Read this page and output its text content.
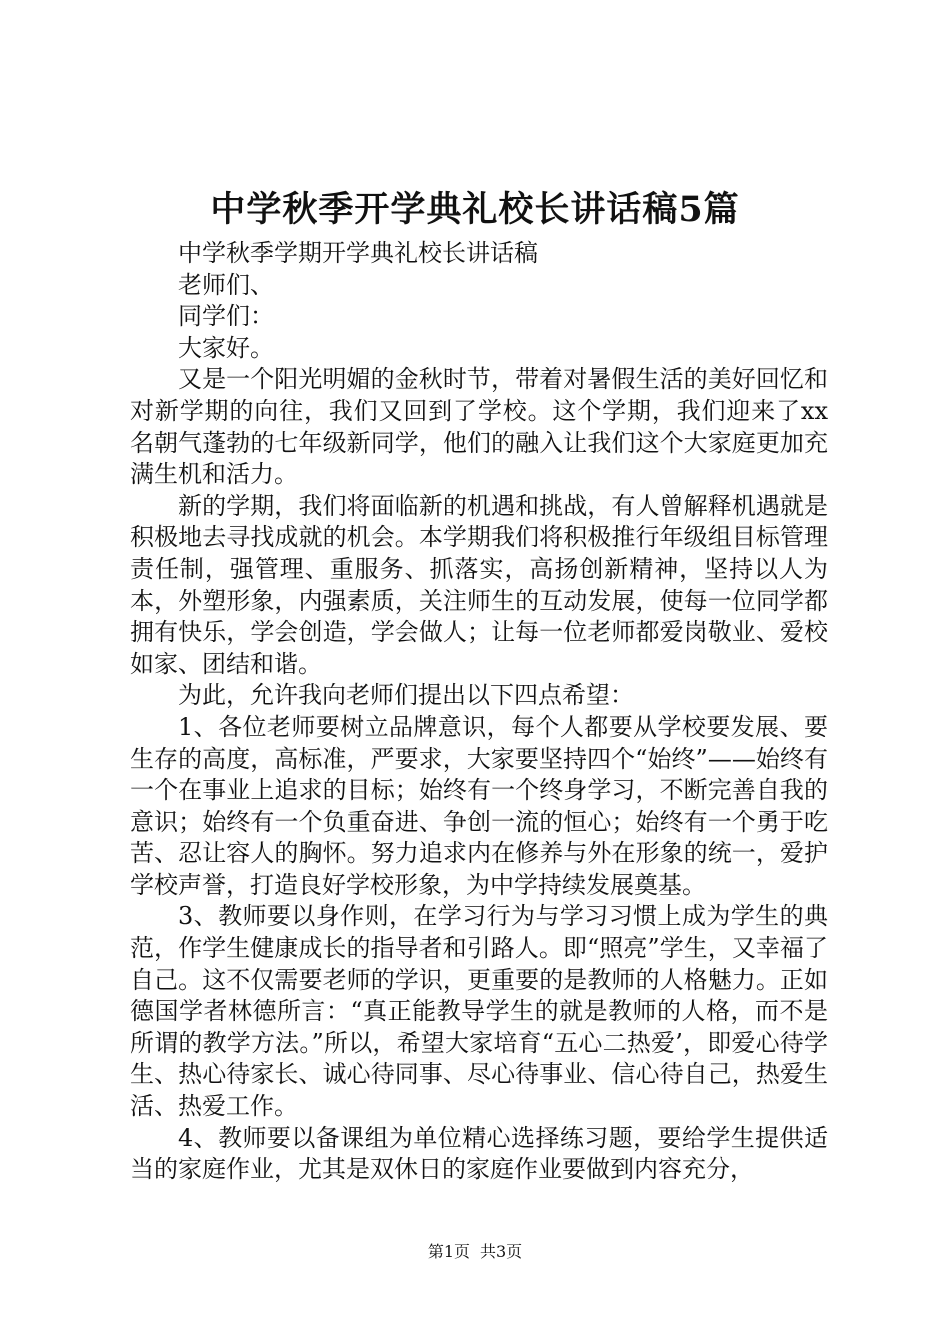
中学秋季开学典礼校长讲话稿5篇

中学秋季学期开学典礼校长讲话稿

老师们、

同学们：

大家好。

又是一个阳光明媚的金秋时节，带着对暑假生活的美好回忆和对新学期的向往，我们又回到了学校。这个学期，我们迎来了xx名朝气蓬勃的七年级新同学，他们的融入让我们这个大家庭更加充满生机和活力。

新的学期，我们将面临新的机遇和挑战，有人曾解释机遇就是积极地去寻找成就的机会。本学期我们将积极推行年级组目标管理责任制，强管理、重服务、抓落实，高扬创新精神，坚持以人为本，外塑形象，内强素质，关注师生的互动发展，使每一位同学都拥有快乐，学会创造，学会做人；让每一位老师都爱岗敬业、爱校如家、团结和谐。

为此，允许我向老师们提出以下四点希望：

1、各位老师要树立品牌意识，每个人都要从学校要发展、要生存的高度，高标准，严要求，大家要坚持四个“始终”——始终有一个在事业上追求的目标；始终有一个终身学习，不断完善自我的意识；始终有一个负重奋进、争创一流的恒心；始终有一个勇于吃苦、忍让容人的胸怀。努力追求内在修养与外在形象的统一，爱护学校声誉，打造良好学校形象，为中学持续发展奠基。

3、教师要以身作则，在学习行为与学习习惯上成为学生的典范，作学生健康成长的指导者和引路人。即“照亮”学生，又幸福了自己。这不仅需要老师的学识，更重要的是教师的人格魅力。正如德国学者林德所言：“真正能教导学生的就是教师的人格，而不是所谓的教学方法。”所以，希望大家培育“五心二热爱’，即爱心待学生、热心待家长、诚心待同事、尽心待事业、信心待自己，热爱生活、热爱工作。

4、教师要以备课组为单位精心选择练习题，要给学生提供适当的家庭作业，尤其是双休日的家庭作业要做到内容充分，

第1页 共3页
